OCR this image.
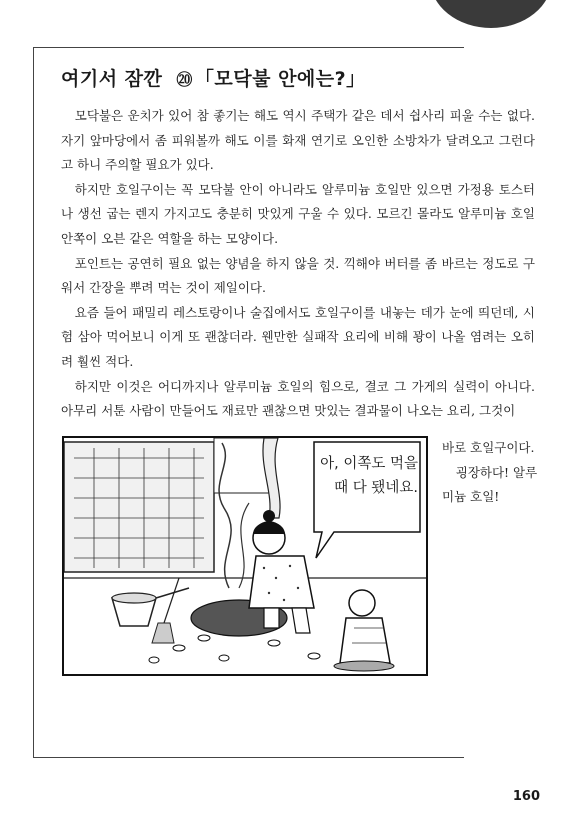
여기서 잠깐 ⑳ 「모닥불 안에는?」

모닥불은 운치가 있어 참 좋기는 해도 역시 주택가 같은 데서 쉽사리 피울 수는 없다. 자기 앞마당에서 좀 피워볼까 해도 이를 화재 연기로 오인한 소방차가 달려오고 그런다고 하니 주의할 필요가 있다.

하지만 호일구이는 꼭 모닥불 안이 아니라도 알루미늄 호일만 있으면 가정용 토스터나 생선 굽는 렌지 가지고도 충분히 맛있게 구울 수 있다. 모르긴 몰라도 알루미늄 호일 안쪽이 오븐 같은 역할을 하는 모양이다.

포인트는 공연히 필요 없는 양념을 하지 않을 것. 끽해야 버터를 좀 바르는 정도로 구워서 간장을 뿌려 먹는 것이 제일이다.

요즘 들어 패밀리 레스토랑이나 술집에서도 호일구이를 내놓는 데가 눈에 띄던데, 시험 삼아 먹어보니 이게 또 괜찮더라. 웬만한 실패작 요리에 비해 꽝이 나올 염려는 오히려 훨씬 적다.

하지만 이것은 어디까지나 알루미늄 호일의 힘으로, 결코 그 가게의 실력이 아니다. 아무리 서툰 사람이 만들어도 재료만 괜찮으면 맛있는 결과물이 나오는 요리, 그것이

바로 호일구이다.

굉장하다! 알루미늄 호일!

아, 이쪽도 먹을 때 다 됐네요.
160
